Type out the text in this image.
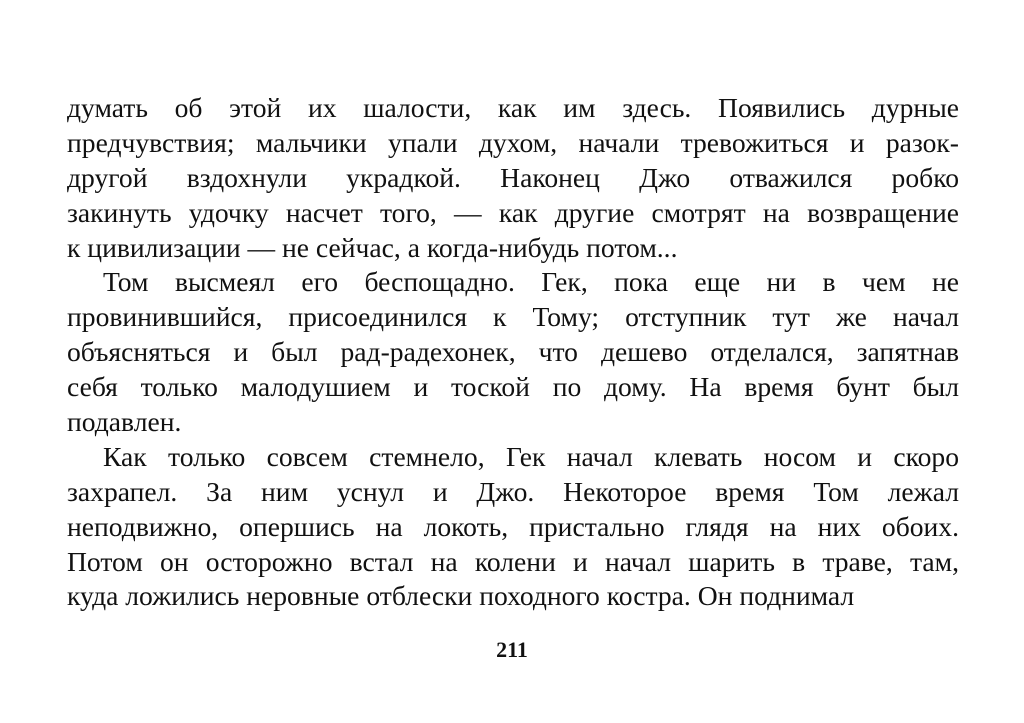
думать об этой их шалости, как им здесь. Появились дурные
предчувствия; мальчики упали духом, начали тревожиться и разок-
другой вздохнули украдкой. Наконец Джо отважился робко
закинуть удочку насчет того, — как другие смотрят на возвращение
к цивилизации — не сейчас, а когда-нибудь потом...
Том высмеял его беспощадно. Гек, пока еще ни в чем не
провинившийся, присоединился к Тому; отступник тут же начал
объясняться и был рад-радехонек, что дешево отделался, запятнав
себя только малодушием и тоской по дому. На время бунт был
подавлен.
Как только совсем стемнело, Гек начал клевать носом и скоро
захрапел. За ним уснул и Джо. Некоторое время Том лежал
неподвижно, опершись на локоть, пристально глядя на них обоих.
Потом он осторожно встал на колени и начал шарить в траве, там,
куда ложились неровные отблески походного костра. Он поднимал
211
